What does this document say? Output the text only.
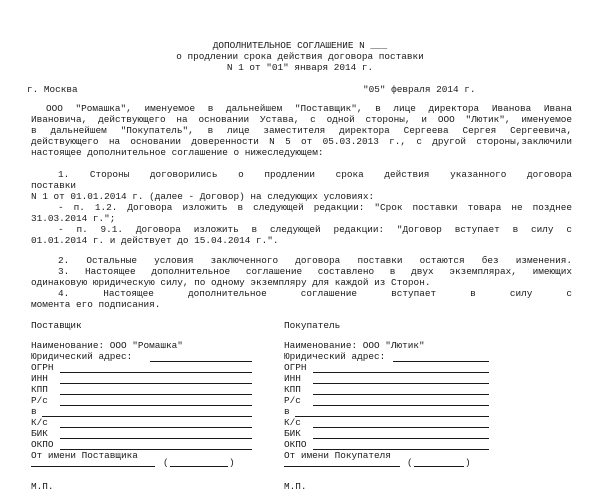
ДОПОЛНИТЕЛЬНОЕ СОГЛАШЕНИЕ N ___
о продлении срока действия договора поставки
N 1 от "01" января 2014 г.
г. Москва	"05" февраля 2014 г.
ООО "Ромашка", именуемое в дальнейшем "Поставщик", в лице директора Иванова Ивана
Ивановича, действующего на основании Устава, с одной стороны, и ООО "Лютик", именуемое
в дальнейшем "Покупатель", в лице заместителя директора Сергеева Сергея Сергеевича,
действующего на основании доверенности N 5 от 05.03.2013 г., с другой стороны,заключили
настоящее дополнительное соглашение о нижеследующем:
1. Стороны договорились о продлении срока действия указанного договора
поставки
N 1 от 01.01.2014 г. (далее - Договор) на следующих условиях:
- п. 1.2. Договора изложить в следующей редакции: "Срок поставки товара не позднее
31.03.2014 г.";
- п. 9.1. Договора изложить в следующей редакции: "Договор вступает в силу с
01.01.2014 г. и действует до 15.04.2014 г.".
2. Остальные условия заключенного договора поставки остаются без изменения.
3. Настоящее дополнительное соглашение составлено в двух экземплярах, имеющих
одинаковую юридическую силу, по одному экземпляру для каждой из Сторон.
4. Настоящее дополнительное соглашение вступает в силу с
момента его подписания.
Поставщик
Наименование: ООО "Ромашка"
Юридический адрес:
ОГРН
ИНН
КПП
Р/с
в
К/с
БИК
ОКПО
От имени Поставщика
(	)
М.П.
Покупатель
Наименование: ООО "Лютик"
Юридический адрес:
ОГРН
ИНН
КПП
Р/с
в
К/с
БИК
ОКПО
От имени Покупателя
(	)
М.П.
